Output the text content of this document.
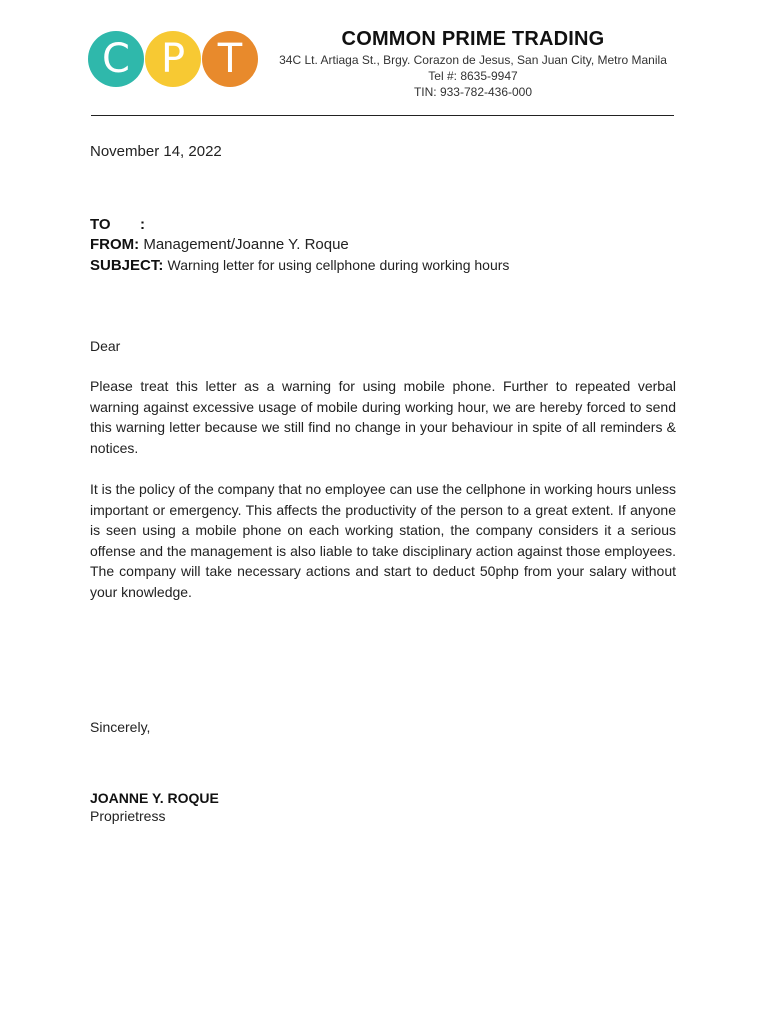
C P T	COMMON PRIME TRADING
34C Lt. Artiaga St., Brgy. Corazon de Jesus, San Juan City, Metro Manila
Tel #: 8635-9947
TIN: 933-782-436-000
November 14, 2022
TO :
FROM: Management/Joanne Y. Roque
SUBJECT: Warning letter for using cellphone during working hours
Dear
Please treat this letter as a warning for using mobile phone. Further to repeated verbal warning against excessive usage of mobile during working hour, we are hereby forced to send this warning letter because we still find no change in your behaviour in spite of all reminders & notices.
It is the policy of the company that no employee can use the cellphone in working hours unless important or emergency. This affects the productivity of the person to a great extent. If anyone is seen using a mobile phone on each working station, the company considers it a serious offense and the management is also liable to take disciplinary action against those employees. The company will take necessary actions and start to deduct 50php from your salary without your knowledge.
Sincerely,
JOANNE Y. ROQUE
Proprietress
